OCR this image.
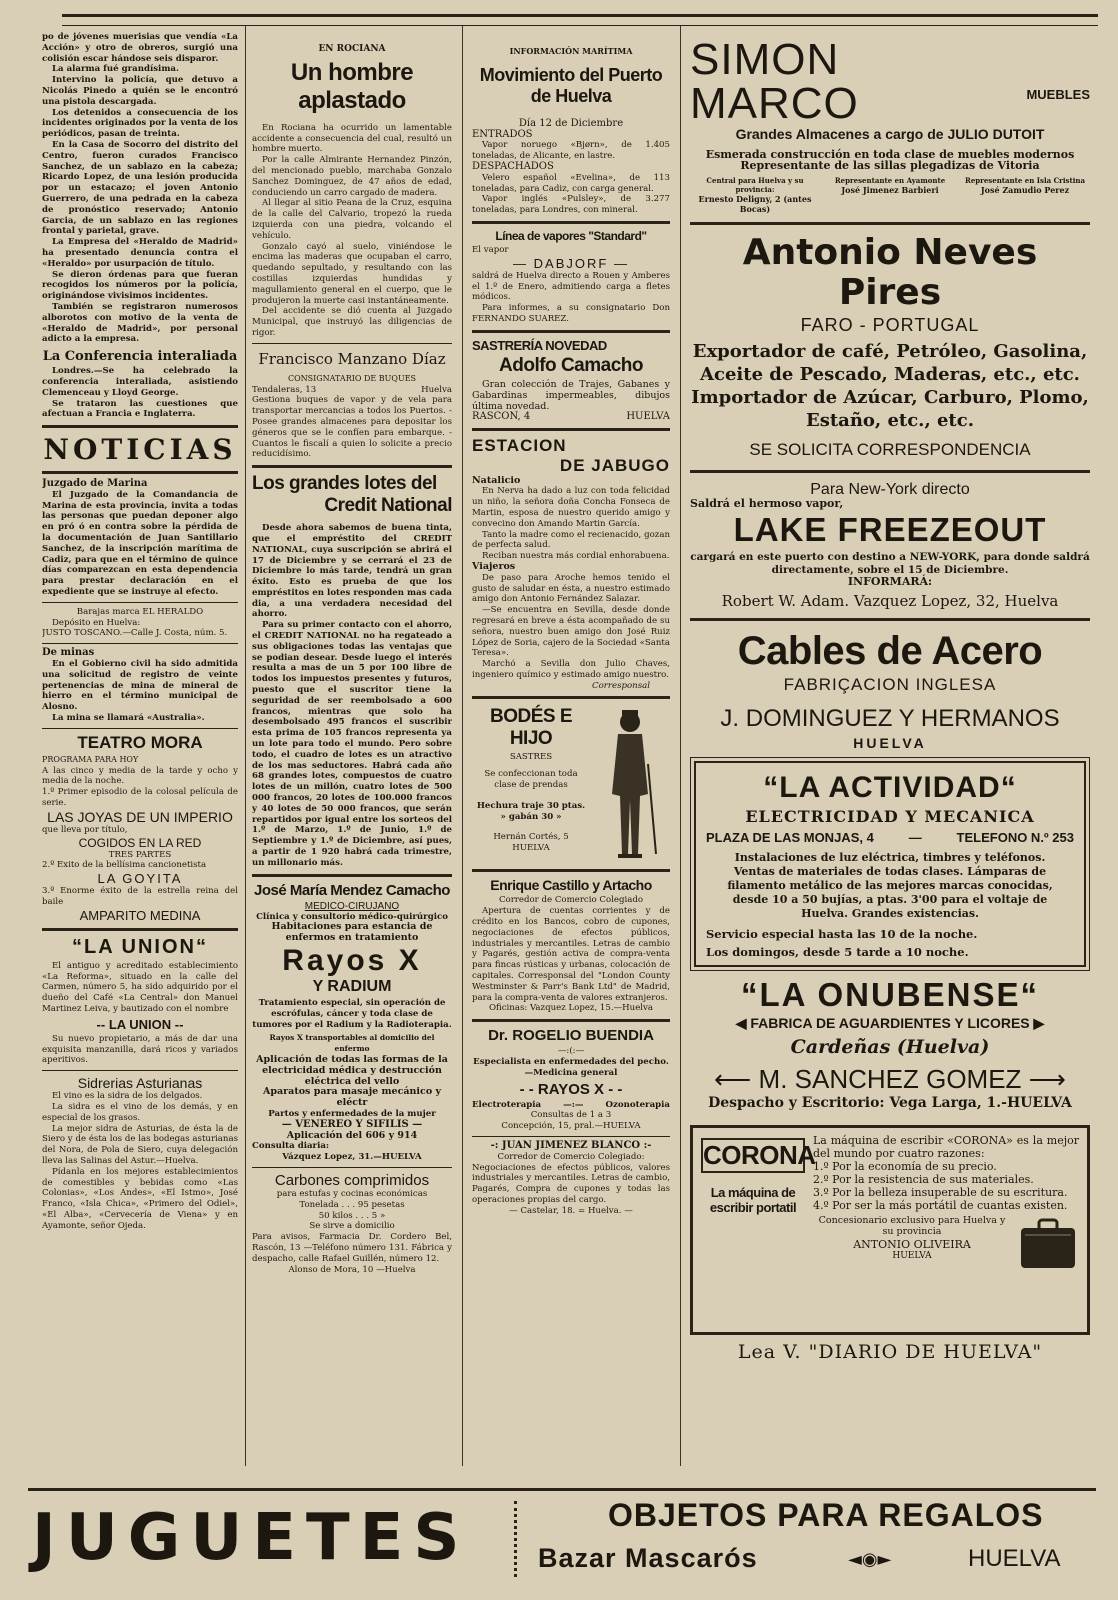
po de jóvenes muerisias que vendía «La Acción» y otro de obreros, surgió una colisión escar hándose seis disparor.

La alarma fué grandísima.

Intervino la policía, que detuvo a Nicolás Pinedo a quién se le encontró una pistola descargada.

Los detenidos a consecuencia de los incidentes originados por la venta de los periódicos, pasan de treinta.

En la Casa de Socorro del distrito del Centro, fueron curados Francisco Sanchez, de un sablazo en la cabeza; Ricardo Lopez, de una lesión producida por un estacazo; el joven Antonio Guerrero, de una pedrada en la cabeza de pronóstico reservado; Antonio Garcia, de un sablazo en las regiones frontal y parietal, grave.

La Empresa del «Heraldo de Madrid» ha presentado denuncia contra el «Heraldo» por usurpación de título.

Se dieron órdenas para que fueran recogidos los números por la policía, originándose vivisimos incidentes.

También se registraron numerosos alborotos con motivo de la venta de «Heraldo de Madrid», por personal adicto a la empresa.

La Conferencia interaliada

Londres.—Se ha celebrado la conferencia interaliada, asistiendo Clemenceau y Lloyd George.

Se trataron las cuestiones que afectuan a Francia e Inglaterra.

NOTICIAS
Juzgado de Marina

El Juzgado de la Comandancia de Marina de esta provincia, invita a todas las personas que puedan deponer algo en pró ó en contra sobre la pérdida de la documentación de Juan Santillario Sanchez, de la inscripción marítima de Cadiz, para que en el término de quince días comparezcan en esta dependencia para prestar declaración en el expediente que se instruye al efecto.

Barajas marca EL HERALDO
Depósito en Huelva:
JUSTO TOSCANO.—Calle J. Costa, núm. 5.
De minas

En el Gobierno civil ha sido admitida una solicitud de registro de veinte pertenencias de mina de mineral de hierro en el término municipal de Alosno.

La mina se llamará «Australia».

TEATRO MORA
PROGRAMA PARA HOY
A las cinco y media de la tarde y ocho y media de la noche.
1.º Primer episodio de la colosal película de serie.
LAS JOYAS DE UN IMPERIO
que lleva por título,
COGIDOS EN LA RED
TRES PARTES
2.º Exito de la bellísima cancionetista
LA GOYITA
3.º Enorme éxito de la estrella reina del baile
AMPARITO MEDINA
“LA UNION“

El antiguo y acreditado establecimiento «La Reforma», situado en la calle del Carmen, número 5, ha sido adquirido por el dueño del Café «La Central» don Manuel Martinez Leiva, y bautizado con el nombre

-- LA UNION --

Su nuevo propietario, a más de dar una exquisita manzanilla, dará ricos y variados aperitivos.

Sidrerias Asturianas

El vino es la sidra de los delgados.

La sidra es el vino de los demás, y en especial de los grasos.

La mejor sidra de Asturias, de ésta la de Siero y de ésta los de las bodegas asturianas del Nora, de Pola de Siero, cuya delegación lleva las Salinas del Astur.—Huelva.

Pídanla en los mejores establecimientos de comestibles y bebidas como «Las Colonias», «Los Andes», «El Istmo», José Franco, «Isla Chica», «Primero del Odiel», «El Alba», «Cervecería de Viena» y en Ayamonte, señor Ojeda.

EN ROCIANA
Un hombre aplastado

En Rociana ha ocurrido un lamentable accidente a consecuencia del cual, resultó un hombre muerto.

Por la calle Almirante Hernandez Pinzón, del mencionado pueblo, marchaba Gonzalo Sanchez Dominguez, de 47 años de edad, conduciendo un carro cargado de madera.

Al llegar al sitio Peana de la Cruz, esquina de la calle del Calvario, tropezó la rueda izquierda con una piedra, volcando el vehículo.

Gonzalo cayó al suelo, viniéndose le encima las maderas que ocupaban el carro, quedando sepultado, y resultando con las costillas izquierdas hundidas y magullamiento general en el cuerpo, que le produjeron la muerte casi instantáneamente.

Del accidente se dió cuenta al Juzgado Municipal, que instruyó las diligencias de rigor.

Francisco Manzano Díaz
CONSIGNATARIO DE BUQUES
Tendaleras, 13	Huelva

Gestiona buques de vapor y de vela para transportar mercancias a todos los Puertos. - Posee grandes almacenes para depositar los géneros que se le confíen para embarque. - Cuantos le fiscalí a quien lo solicite a precio reducidísimo.

Los grandes lotes del
Credit National

Desde ahora sabemos de buena tinta, que el empréstito del CREDIT NATIONAL, cuya suscripción se abrirá el 17 de Diciembre y se cerrará el 23 de Diciembre lo más tarde, tendrá un gran éxito. Esto es prueba de que los empréstitos en lotes responden mas cada dia, a una verdadera necesidad del ahorro.

Para su primer contacto con el ahorro, el CREDIT NATIONAL no ha regateado a sus obligaciones todas las ventajas que se podian desear. Desde luego el interés resulta a mas de un 5 por 100 libre de todos los impuestos presentes y futuros, puesto que el suscritor tiene la seguridad de ser reembolsado a 600 francos, mientras que solo ha desembolsado 495 francos el suscribir esta prima de 105 francos representa ya un lote para todo el mundo. Pero sobre todo, el cuadro de lotes es un atractivo de los mas seductores. Habrá cada año 68 grandes lotes, compuestos de cuatro lotes de un millón, cuatro lotes de 500 000 francos, 20 lotes de 100.000 francos y 40 lotes de 50 000 francos, que serán repartidos por igual entre los sorteos del 1.º de Marzo, 1.º de Junio, 1.º de Septiembre y 1.º de Diciembre, así pues, a partir de 1 920 habrá cada trimestre, un millonario más.

José María Mendez Camacho
MEDICO-CIRUJANO
Clínica y consultorio médico-quirúrgico
Habitaciones para estancia de enfermos en tratamiento
Rayos X
Y RADIUM

Tratamiento especial, sin operación de escrófulas, cáncer y toda clase de tumores por el Radium y la Radioterapia.

Rayos X transportables al domicilio del enfermo

Aplicación de todas las formas de la electricidad médica y destrucción eléctrica del vello

Aparatos para masaje mecánico y eléctr
Partos y enfermedades de la mujer
— VENEREO Y SIFILIS —
Aplicación del 606 y 914
Consulta diaria:
Vázquez Lopez, 31.—HUELVA
Carbones comprimidos
para estufas y cocinas económicas
Tonelada . . . 95 pesetas
50 kilos . . . 5 »
Se sirve a domicilio

Para avisos, Farmacia Dr. Cordero Bel, Rascón, 13 —Teléfono número 131. Fábrica y despacho, calle Rafael Guillén, número 12.

Alonso de Mora, 10 —Huelva
INFORMACIÓN MARÍTIMA
Movimiento del Puerto de Huelva
Día 12 de Diciembre
ENTRADOS

Vapor noruego «Bjørn», de 1.405 toneladas, de Alicante, en lastre.

DESPACHADOS

Velero español «Evelina», de 113 toneladas, para Cadiz, con carga general.

Vapor inglés «Pulsley», de 3.277 toneladas, para Londres, con mineral.

Línea de vapores "Standard"
El vapor
— DABJORF —

saldrá de Huelva directo a Rouen y Amberes el 1.º de Enero, admitiendo carga a fletes módicos.

Para informes, a su consignatario Don FERNANDO SUAREZ.

SASTRERÍA NOVEDAD
Adolfo Camacho

Gran colección de Trajes, Gabanes y Gabardinas impermeables, dibujos última novedad.

RASCON, 4	HUELVA
ESTACION
DE JABUGO
Natalicio

En Nerva ha dado a luz con toda felicidad un niño, la señora doña Concha Fonseca de Martin, esposa de nuestro querido amigo y convecino don Amando Martin García.

Tanto la madre como el recienacido, gozan de perfecta salud.

Reciban nuestra más cordial enhorabuena.

Viajeros

De paso para Aroche hemos tenido el gusto de saludar en ésta, a nuestro estimado amigo don Antonio Fernández Salazar.

—Se encuentra en Sevilla, desde donde regresará en breve a ésta acompañado de su señora, nuestro buen amigo don José Ruiz López de Soria, cajero de la Sociedad «Santa Teresa».

Marchó a Sevilla don Julio Chaves, ingeniero químico y estimado amigo nuestro.

Corresponsal
BODÉS E HIJO
SASTRES
Se confeccionan toda clase de prendas
Hechura traje 30 ptas.
» gabán 30 »
Hernán Cortés, 5
HUELVA
Enrique Castillo y Artacho
Corredor de Comercio Colegiado

Apertura de cuentas corrientes y de crédito en los Bancos, cobro de cupones, negociaciones de efectos públicos, industriales y mercantiles. Letras de cambio y Pagarés, gestión activa de compra-venta para fincas rústicas y urbanas, colocación de capitales. Corresponsal del "London County Westminster & Parr's Bank Ltd" de Madrid, para la compra-venta de valores extranjeros.

Oficinas: Vazquez Lopez, 15.—Huelva
Dr. ROGELIO BUENDIA
—:(:—
Especialista en enfermedades del pecho.—Medicina general
- - RAYOS X - -
Electroterapia	—:—	Ozonoterapia
Consultas de 1 a 3
Concepción, 15, pral.—HUELVA
-: JUAN JIMENEZ BLANCO :-
Corredor de Comercio Colegiado:

Negociaciones de efectos públicos, valores industriales y mercantiles. Letras de cambio, Pagarés, Compra de cupones y todas las operaciones propias del cargo.

— Castelar, 18. = Huelva. —
SIMON MARCO	MUEBLES
Grandes Almacenes a cargo de JULIO DUTOIT
Esmerada construcción en toda clase de muebles modernos
Representante de las sillas plegadizas de Vitoria
Central para Huelva y su provincia:
Ernesto Deligny, 2 (antes Bocas)
Representante en Ayamonte
José Jimenez Barbieri
Representante en Isla Cristina
José Zamudio Perez
Antonio Neves Pires
FARO - PORTUGAL
Exportador de café, Petróleo, Gasolina,
Aceite de Pescado, Maderas, etc., etc.
Importador de Azúcar, Carburo, Plomo,
Estaño, etc., etc.
SE SOLICITA CORRESPONDENCIA
Para New-York directo
Saldrá el hermoso vapor,
LAKE FREEZEOUT

cargará en este puerto con destino a NEW-YORK, para donde saldrá directamente, sobre el 15 de Diciembre.

INFORMARÁ:
Robert W. Adam. Vazquez Lopez, 32, Huelva
Cables de Acero
FABRIÇACION INGLESA
J. DOMINGUEZ Y HERMANOS
HUELVA
“LA ACTIVIDAD“
ELECTRICIDAD Y MECANICA
PLAZA DE LAS MONJAS, 4	—	TELEFONO N.º 253

Instalaciones de luz eléctrica, timbres y teléfonos. Ventas de materiales de todas clases. Lámparas de filamento metálico de las mejores marcas conocidas, desde 10 a 50 bujías, a ptas. 3'00 para el voltaje de Huelva. Grandes existencias.

Servicio especial hasta las 10 de la noche.
Los domingos, desde 5 tarde a 10 noche.
“LA ONUBENSE“
◀ FABRICA DE AGUARDIENTES Y LICORES ▶
Cardeñas (Huelva)
⟵ M. SANCHEZ GOMEZ ⟶
Despacho y Escritorio: Vega Larga, 1.-HUELVA
CORONA
La máquina de escribir portatil

La máquina de escribir «CORONA» es la mejor del mundo por cuatro razones:

1.º Por la economía de su precio.
2.º Por la resistencia de sus materiales.
3.º Por la belleza insuperable de su escritura.
4.º Por ser la más portátil de cuantas existen.
Concesionario exclusivo para Huelva y su provincia
ANTONIO OLIVEIRA
HUELVA
Lea V. "DIARIO DE HUELVA"
JUGUETES	OBJETOS PARA REGALOS
Bazar Mascarós	◄◉►	HUELVA
